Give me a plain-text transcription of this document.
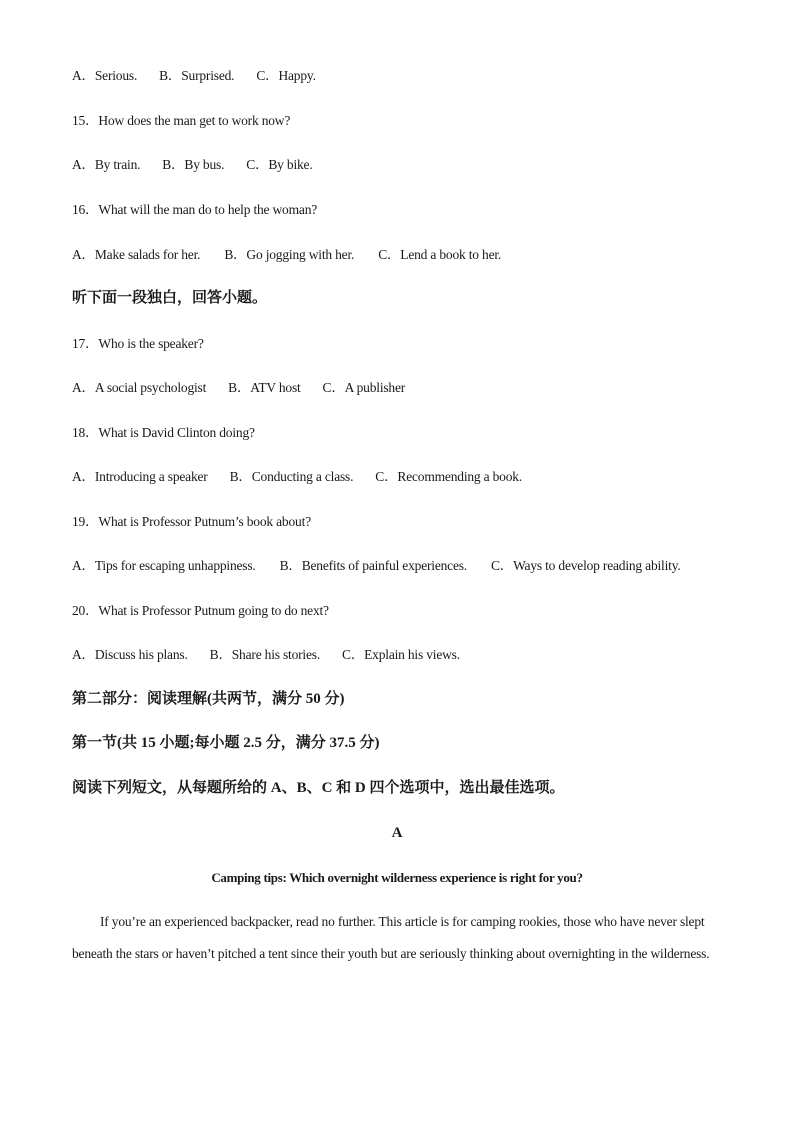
A．Serious. B．Surprised. C．Happy.
15．How does the man get to work now?
A．By train. B．By bus. C．By bike.
16．What will the man do to help the woman?
A．Make salads for her. B．Go jogging with her. C．Lend a book to her.
听下面一段独白，回答小题。
17．Who is the speaker?
A．A social psychologist B．ATV host C．A publisher
18．What is David Clinton doing?
A．Introducing a speaker B．Conducting a class. C．Recommending a book.
19．What is Professor Putnum’s book about?
A．Tips for escaping unhappiness. B．Benefits of painful experiences. C．Ways to develop reading ability.
20．What is Professor Putnum going to do next?
A．Discuss his plans. B．Share his stories. C．Explain his views.
第二部分：阅读理解(共两节，满分 50 分)
第一节(共 15 小题;每小题 2.5 分，满分 37.5 分)
阅读下列短文，从每题所给的 A、B、C 和 D 四个选项中，选出最佳选项。
A
Camping tips: Which overnight wilderness experience is right for you?
If you’re an experienced backpacker, read no further. This article is for camping rookies, those who have never slept beneath the stars or haven’t pitched a tent since their youth but are seriously thinking about overnighting in the wilderness.
